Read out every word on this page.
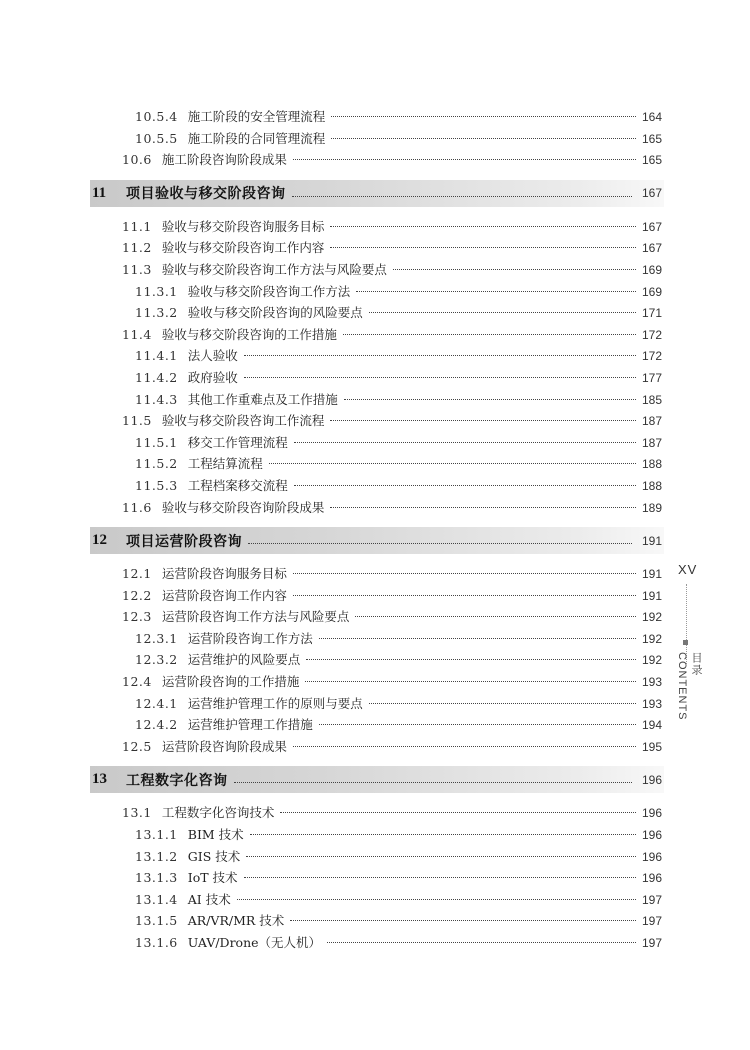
10.5.4 施工阶段的安全管理流程	164
10.5.5 施工阶段的合同管理流程	165
10.6 施工阶段咨询阶段成果	165
11	项目验收与移交阶段咨询	167
11.1 验收与移交阶段咨询服务目标	167
11.2 验收与移交阶段咨询工作内容	167
11.3 验收与移交阶段咨询工作方法与风险要点	169
11.3.1 验收与移交阶段咨询工作方法	169
11.3.2 验收与移交阶段咨询的风险要点	171
11.4 验收与移交阶段咨询的工作措施	172
11.4.1 法人验收	172
11.4.2 政府验收	177
11.4.3 其他工作重难点及工作措施	185
11.5 验收与移交阶段咨询工作流程	187
11.5.1 移交工作管理流程	187
11.5.2 工程结算流程	188
11.5.3 工程档案移交流程	188
11.6 验收与移交阶段咨询阶段成果	189
12	项目运营阶段咨询	191
12.1 运营阶段咨询服务目标	191
12.2 运营阶段咨询工作内容	191
12.3 运营阶段咨询工作方法与风险要点	192
12.3.1 运营阶段咨询工作方法	192
12.3.2 运营维护的风险要点	192
12.4 运营阶段咨询的工作措施	193
12.4.1 运营维护管理工作的原则与要点	193
12.4.2 运营维护管理工作措施	194
12.5 运营阶段咨询阶段成果	195
13	工程数字化咨询	196
13.1 工程数字化咨询技术	196
13.1.1 BIM 技术	196
13.1.2 GIS 技术	196
13.1.3 IoT 技术	196
13.1.4 AI 技术	197
13.1.5 AR/VR/MR 技术	197
13.1.6 UAV/Drone（无人机）	197
XV
目录 CONTENTS
